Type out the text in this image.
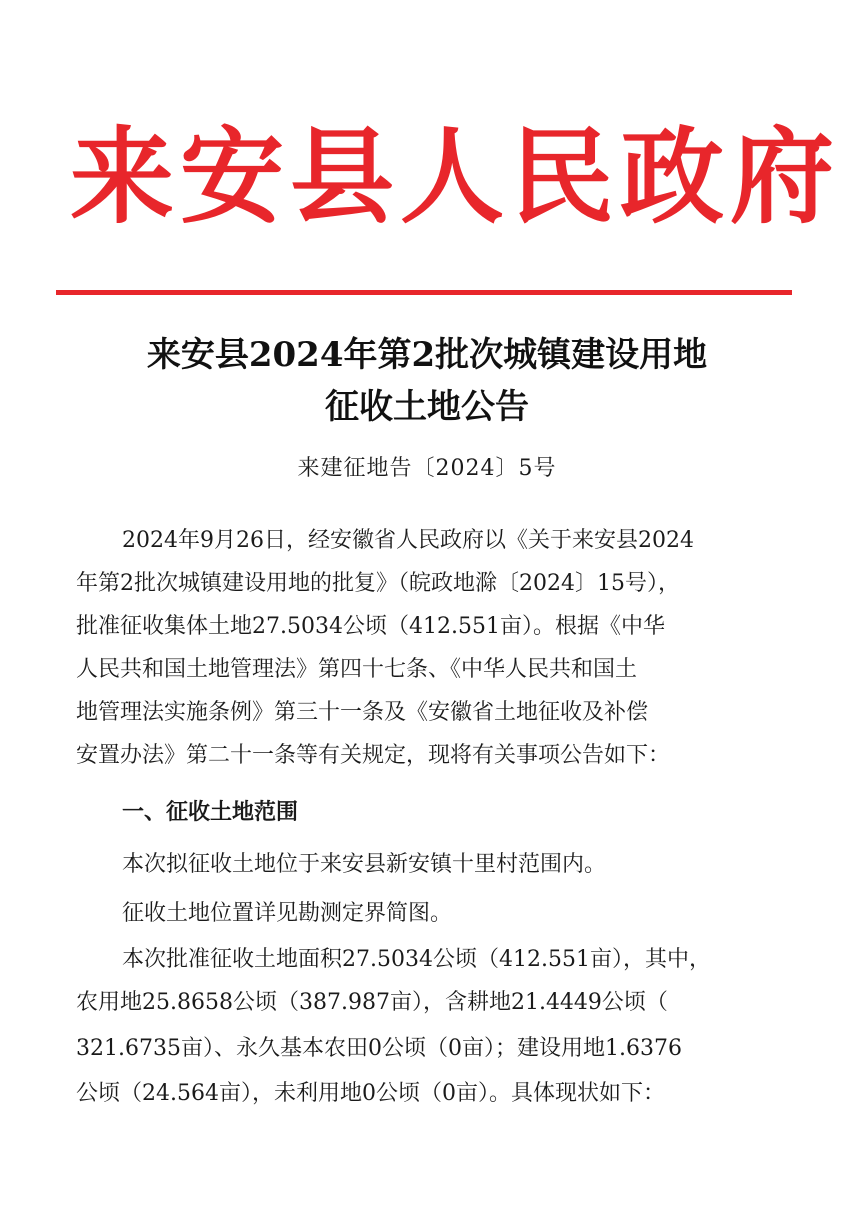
来安县人民政府
来安县2024年第2批次城镇建设用地
征收土地公告
来建征地告〔2024〕5号
2024年9月26日，经安徽省人民政府以《关于来安县2024
年第2批次城镇建设用地的批复》（皖政地滁〔2024〕15号），
批准征收集体土地27.5034公顷（412.551亩）。根据《中华
人民共和国土地管理法》第四十七条、《中华人民共和国土
地管理法实施条例》第三十一条及《安徽省土地征收及补偿
安置办法》第二十一条等有关规定，现将有关事项公告如下：
一、征收土地范围
本次拟征收土地位于来安县新安镇十里村范围内。
征收土地位置详见勘测定界简图。
本次批准征收土地面积27.5034公顷（412.551亩），其中，
农用地25.8658公顷（387.987亩），含耕地21.4449公顷（
321.6735亩）、永久基本农田0公顷（0亩）；建设用地1.6376
公顷（24.564亩），未利用地0公顷（0亩）。具体现状如下：
